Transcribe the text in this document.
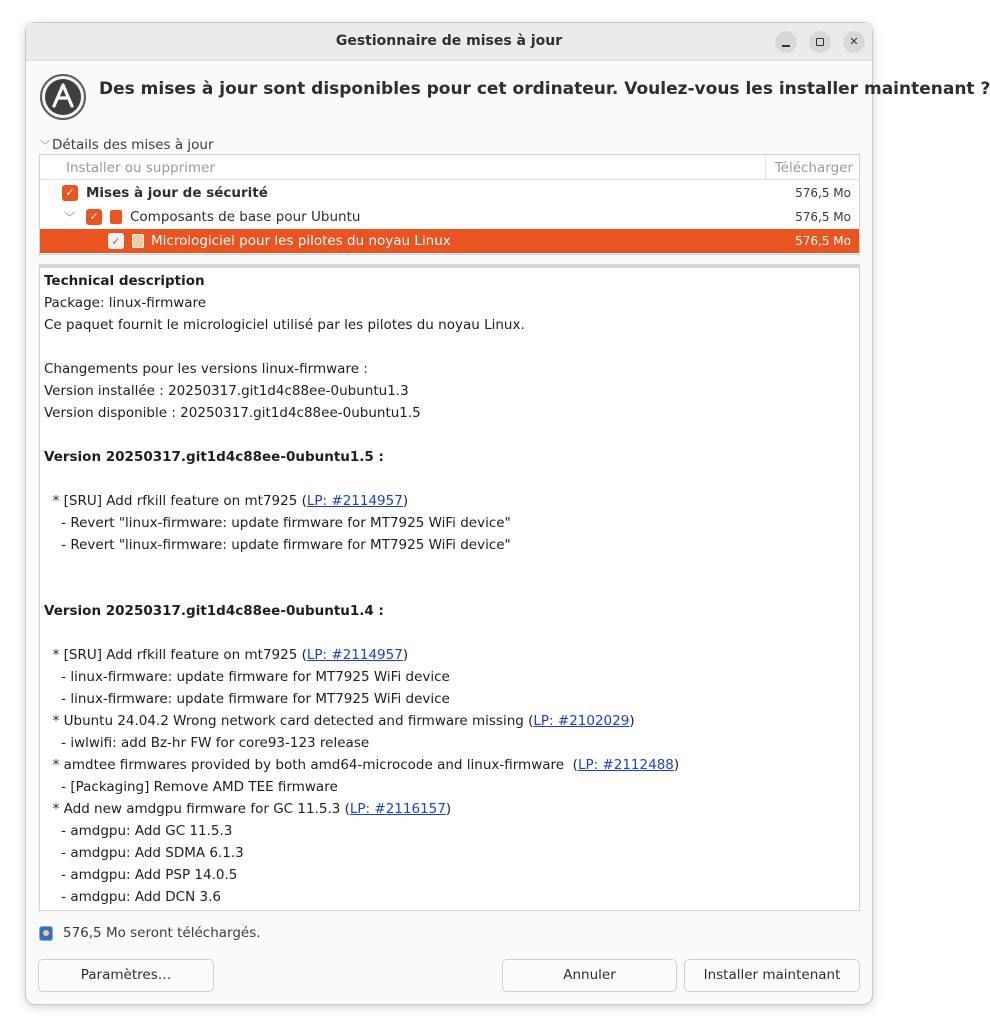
Gestionnaire de mises à jour	✕
Des mises à jour sont disponibles pour cet ordinateur. Voulez-vous les installer maintenant ?
﹀ Détails des mises à jour
Installer ou supprimer	Télécharger
✓ Mises à jour de sécurité	576,5 Mo
﹀	✓ Composants de base pour Ubuntu	576,5 Mo
✓ Micrologiciel pour les pilotes du noyau Linux	576,5 Mo
Technical description
Package: linux-firmware
Ce paquet fournit le micrologiciel utilisé par les pilotes du noyau Linux.
Changements pour les versions linux-firmware :
Version installée : 20250317.git1d4c88ee-0ubuntu1.3
Version disponible : 20250317.git1d4c88ee-0ubuntu1.5
Version 20250317.git1d4c88ee-0ubuntu1.5 :
* [SRU] Add rfkill feature on mt7925 (LP: #2114957)
- Revert "linux-firmware: update firmware for MT7925 WiFi device"
- Revert "linux-firmware: update firmware for MT7925 WiFi device"
Version 20250317.git1d4c88ee-0ubuntu1.4 :
* [SRU] Add rfkill feature on mt7925 (LP: #2114957)
- linux-firmware: update firmware for MT7925 WiFi device
- linux-firmware: update firmware for MT7925 WiFi device
* Ubuntu 24.04.2 Wrong network card detected and firmware missing (LP: #2102029)
- iwlwifi: add Bz-hr FW for core93-123 release
* amdtee firmwares provided by both amd64-microcode and linux-firmware  (LP: #2112488)
- [Packaging] Remove AMD TEE firmware
* Add new amdgpu firmware for GC 11.5.3 (LP: #2116157)
- amdgpu: Add GC 11.5.3
- amdgpu: Add SDMA 6.1.3
- amdgpu: Add PSP 14.0.5
- amdgpu: Add DCN 3.6
576,5 Mo seront téléchargés.
Paramètres…	Annuler	Installer maintenant
